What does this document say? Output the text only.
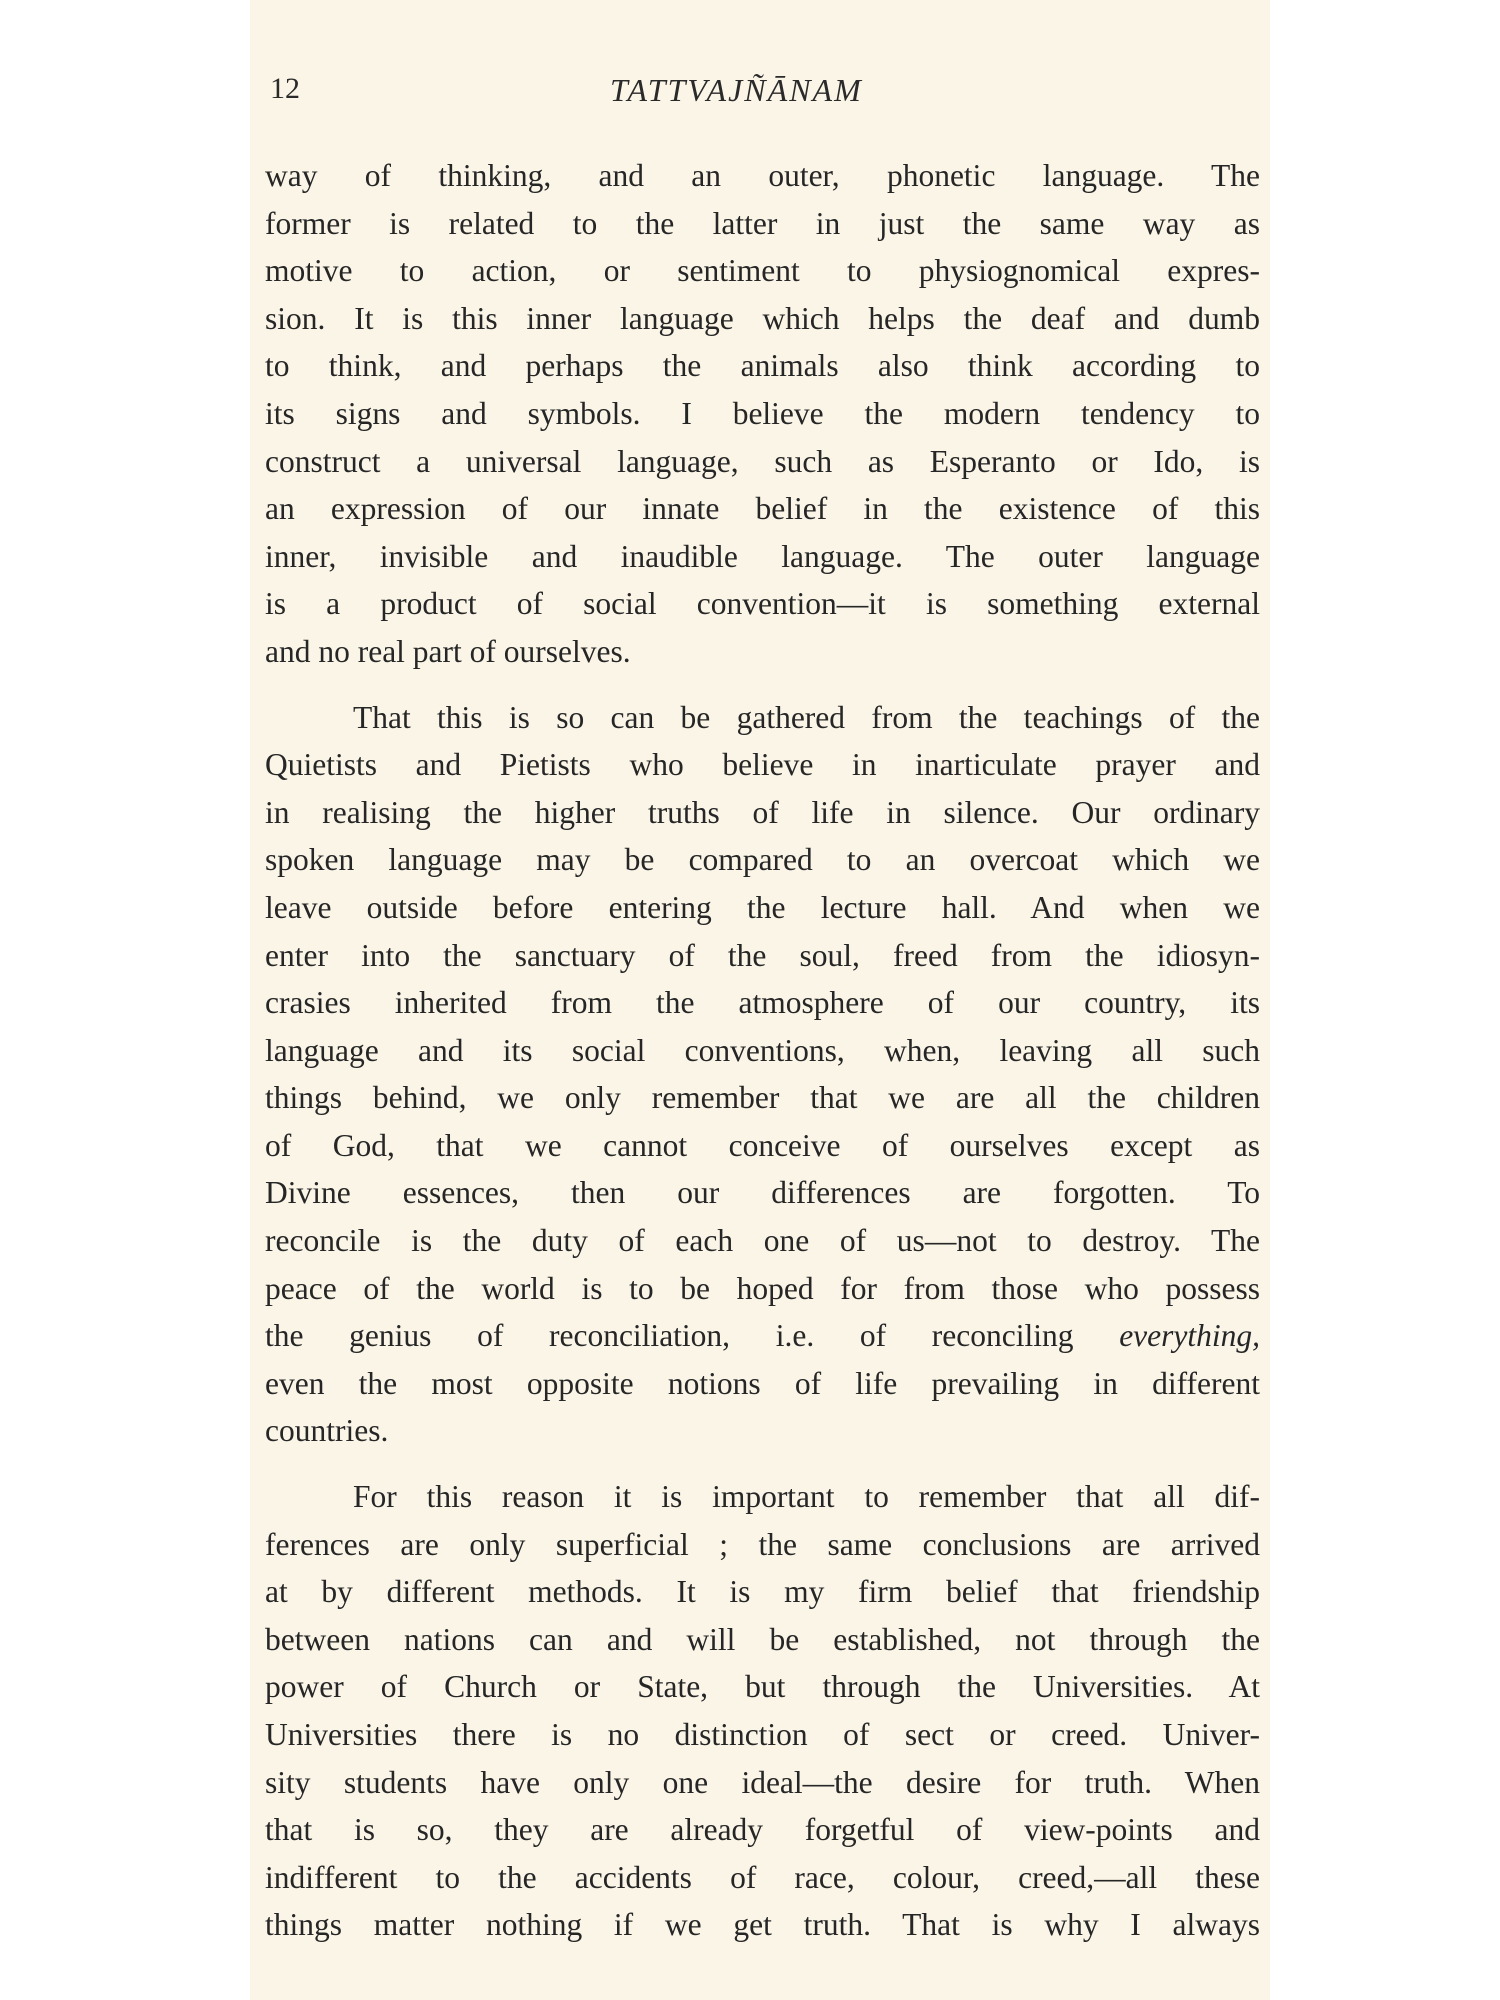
12	TATTVAJÑĀNAM
way of thinking, and an outer, phonetic language. The
former is related to the latter in just the same way as
motive to action, or sentiment to physiognomical expres-
sion. It is this inner language which helps the deaf and dumb
to think, and perhaps the animals also think according to
its signs and symbols. I believe the modern tendency to
construct a universal language, such as Esperanto or Ido, is
an expression of our innate belief in the existence of this
inner, invisible and inaudible language. The outer language
is a product of social convention—it is something external
and no real part of ourselves.
That this is so can be gathered from the teachings of the
Quietists and Pietists who believe in inarticulate prayer and
in realising the higher truths of life in silence. Our ordinary
spoken language may be compared to an overcoat which we
leave outside before entering the lecture hall. And when we
enter into the sanctuary of the soul, freed from the idiosyn-
crasies inherited from the atmosphere of our country, its
language and its social conventions, when, leaving all such
things behind, we only remember that we are all the children
of God, that we cannot conceive of ourselves except as
Divine essences, then our differences are forgotten. To
reconcile is the duty of each one of us—not to destroy. The
peace of the world is to be hoped for from those who possess
the genius of reconciliation, i.e. of reconciling everything,
even the most opposite notions of life prevailing in different
countries.
For this reason it is important to remember that all dif-
ferences are only superficial ; the same conclusions are arrived
at by different methods. It is my firm belief that friendship
between nations can and will be established, not through the
power of Church or State, but through the Universities. At
Universities there is no distinction of sect or creed. Univer-
sity students have only one ideal—the desire for truth. When
that is so, they are already forgetful of view-points and
indifferent to the accidents of race, colour, creed,—all these
things matter nothing if we get truth. That is why I always
